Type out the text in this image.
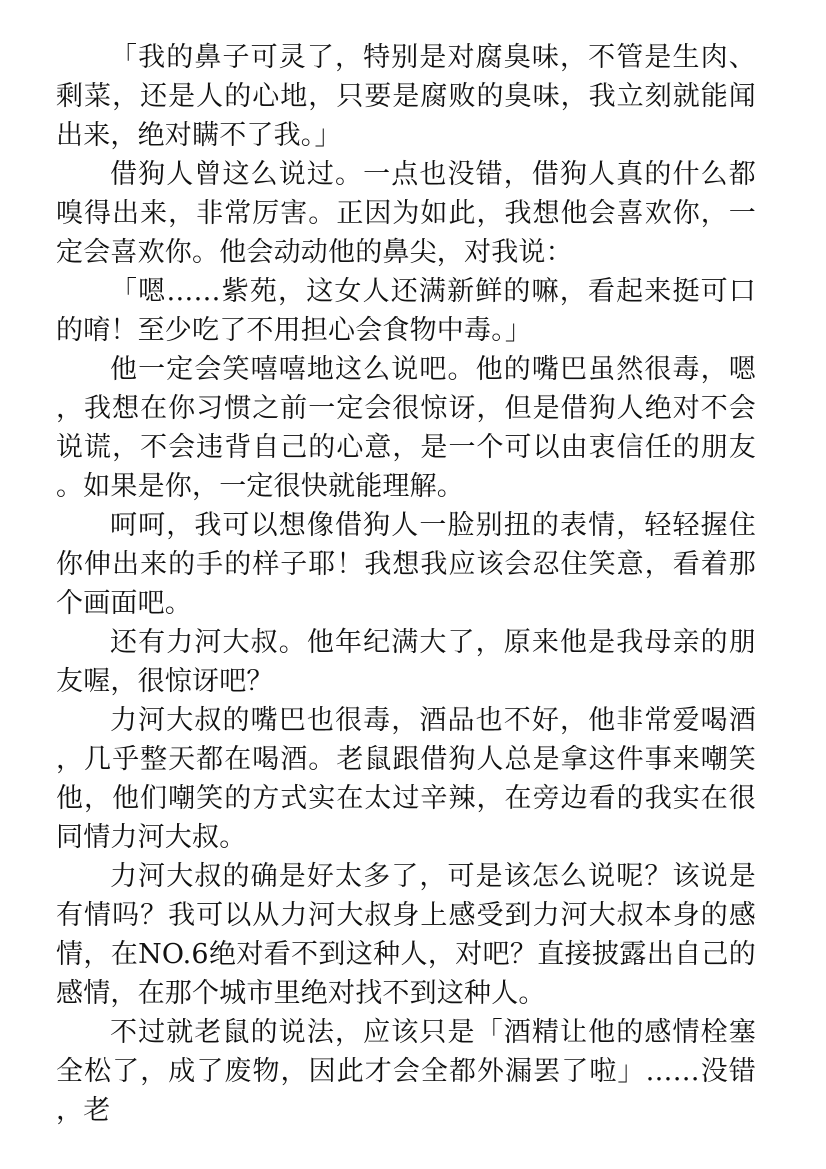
「我的鼻子可灵了，特别是对腐臭味，不管是生肉、剩菜，还是人的心地，只要是腐败的臭味，我立刻就能闻出来，绝对瞒不了我。」

借狗人曾这么说过。一点也没错，借狗人真的什么都嗅得出来，非常厉害。正因为如此，我想他会喜欢你，一定会喜欢你。他会动动他的鼻尖，对我说：

「嗯……紫苑，这女人还满新鲜的嘛，看起来挺可口的唷！至少吃了不用担心会食物中毒。」

他一定会笑嘻嘻地这么说吧。他的嘴巴虽然很毒，嗯，我想在你习惯之前一定会很惊讶，但是借狗人绝对不会说谎，不会违背自己的心意，是一个可以由衷信任的朋友。如果是你，一定很快就能理解。

呵呵，我可以想像借狗人一脸别扭的表情，轻轻握住你伸出来的手的样子耶！我想我应该会忍住笑意，看着那个画面吧。

还有力河大叔。他年纪满大了，原来他是我母亲的朋友喔，很惊讶吧？

力河大叔的嘴巴也很毒，酒品也不好，他非常爱喝酒，几乎整天都在喝酒。老鼠跟借狗人总是拿这件事来嘲笑他，他们嘲笑的方式实在太过辛辣，在旁边看的我实在很同情力河大叔。

力河大叔的确是好太多了，可是该怎么说呢？该说是有情吗？我可以从力河大叔身上感受到力河大叔本身的感情，在NO.6绝对看不到这种人，对吧？直接披露出自己的感情，在那个城市里绝对找不到这种人。

不过就老鼠的说法，应该只是「酒精让他的感情栓塞全松了，成了废物，因此才会全都外漏罢了啦」……没错，老
